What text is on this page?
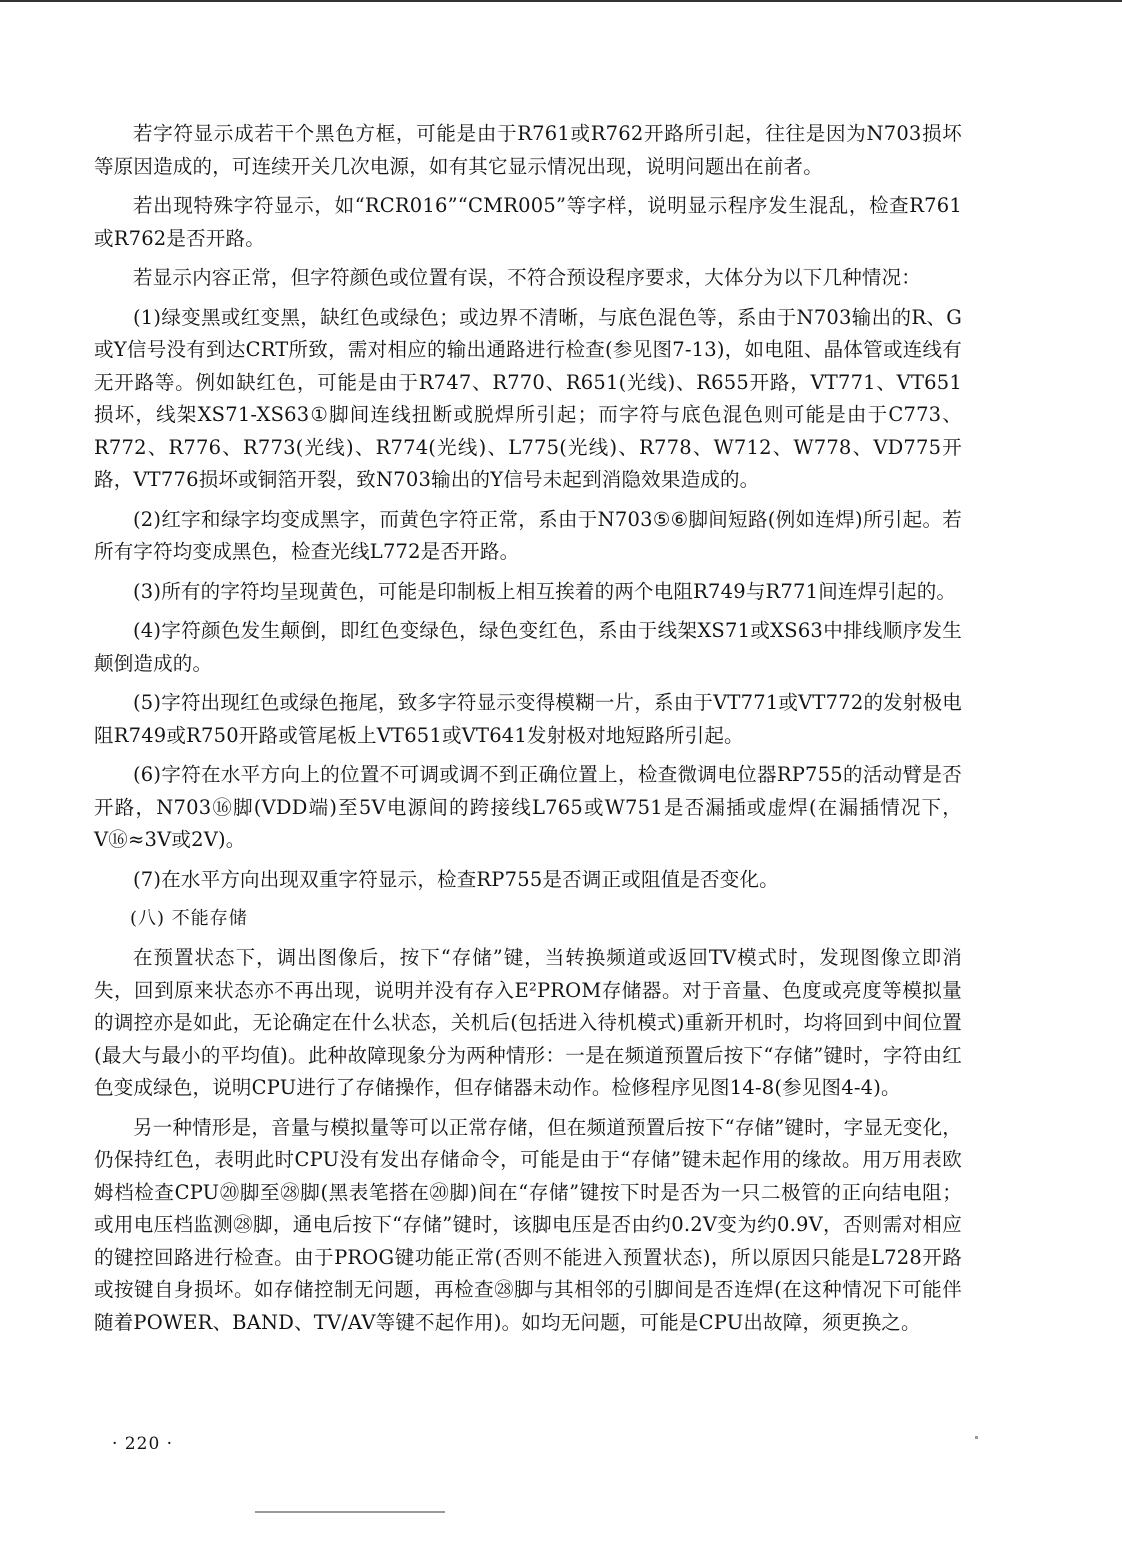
若字符显示成若干个黑色方框，可能是由于R761或R762开路所引起，往往是因为N703损坏等原因造成的，可连续开关几次电源，如有其它显示情况出现，说明问题出在前者。

若出现特殊字符显示，如“RCR016”“CMR005”等字样，说明显示程序发生混乱，检查R761或R762是否开路。

若显示内容正常，但字符颜色或位置有误，不符合预设程序要求，大体分为以下几种情况：

(1)绿变黑或红变黑，缺红色或绿色；或边界不清晰，与底色混色等，系由于N703输出的R、G或Y信号没有到达CRT所致，需对相应的输出通路进行检查(参见图7-13)，如电阻、晶体管或连线有无开路等。例如缺红色，可能是由于R747、R770、R651(光线)、R655开路，VT771、VT651损坏，线架XS71-XS63①脚间连线扭断或脱焊所引起；而字符与底色混色则可能是由于C773、R772、R776、R773(光线)、R774(光线)、L775(光线)、R778、W712、W778、VD775开路，VT776损坏或铜箔开裂，致N703输出的Y信号未起到消隐效果造成的。

(2)红字和绿字均变成黑字，而黄色字符正常，系由于N703⑤⑥脚间短路(例如连焊)所引起。若所有字符均变成黑色，检查光线L772是否开路。

(3)所有的字符均呈现黄色，可能是印制板上相互挨着的两个电阻R749与R771间连焊引起的。

(4)字符颜色发生颠倒，即红色变绿色，绿色变红色，系由于线架XS71或XS63中排线顺序发生颠倒造成的。

(5)字符出现红色或绿色拖尾，致多字符显示变得模糊一片，系由于VT771或VT772的发射极电阻R749或R750开路或管尾板上VT651或VT641发射极对地短路所引起。

(6)字符在水平方向上的位置不可调或调不到正确位置上，检查微调电位器RP755的活动臂是否开路，N703⑯脚(VDD端)至5V电源间的跨接线L765或W751是否漏插或虚焊(在漏插情况下，V⑯≈3V或2V)。

(7)在水平方向出现双重字符显示，检查RP755是否调正或阻值是否变化。

(八) 不能存储

在预置状态下，调出图像后，按下“存储”键，当转换频道或返回TV模式时，发现图像立即消失，回到原来状态亦不再出现，说明并没有存入E²PROM存储器。对于音量、色度或亮度等模拟量的调控亦是如此，无论确定在什么状态，关机后(包括进入待机模式)重新开机时，均将回到中间位置(最大与最小的平均值)。此种故障现象分为两种情形：一是在频道预置后按下“存储”键时，字符由红色变成绿色，说明CPU进行了存储操作，但存储器未动作。检修程序见图14-8(参见图4-4)。

另一种情形是，音量与模拟量等可以正常存储，但在频道预置后按下“存储”键时，字显无变化，仍保持红色，表明此时CPU没有发出存储命令，可能是由于“存储”键未起作用的缘故。用万用表欧姆档检查CPU⑳脚至㉘脚(黑表笔搭在⑳脚)间在“存储”键按下时是否为一只二极管的正向结电阻；或用电压档监测㉘脚，通电后按下“存储”键时，该脚电压是否由约0.2V变为约0.9V，否则需对相应的键控回路进行检查。由于PROG键功能正常(否则不能进入预置状态)，所以原因只能是L728开路或按键自身损坏。如存储控制无问题，再检查㉘脚与其相邻的引脚间是否连焊(在这种情况下可能伴随着POWER、BAND、TV/AV等键不起作用)。如均无问题，可能是CPU出故障，须更换之。

· 220 ·
